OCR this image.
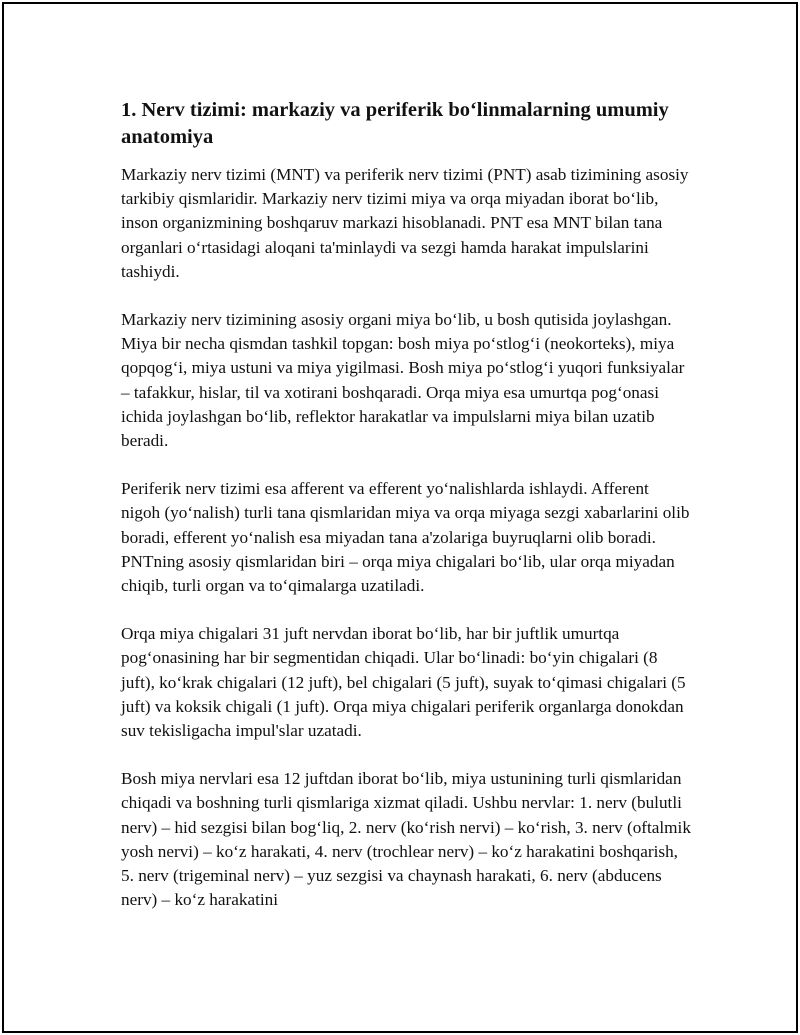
1. Nerv tizimi: markaziy va periferik bo‘linmalarning umumiy anatomiya

Markaziy nerv tizimi (MNT) va periferik nerv tizimi (PNT) asab tizimining asosiy tarkibiy qismlaridir. Markaziy nerv tizimi miya va orqa miyadan iborat bo‘lib, inson organizmining boshqaruv markazi hisoblanadi. PNT esa MNT bilan tana organlari o‘rtasidagi aloqani ta'minlaydi va sezgi hamda harakat impulslarini tashiydi.

Markaziy nerv tizimining asosiy organi miya bo‘lib, u bosh qutisida joylashgan. Miya bir necha qismdan tashkil topgan: bosh miya po‘stlog‘i (neokorteks), miya qopqog‘i, miya ustuni va miya yigilmasi. Bosh miya po‘stlog‘i yuqori funksiyalar – tafakkur, hislar, til va xotirani boshqaradi. Orqa miya esa umurtqa pog‘onasi ichida joylashgan bo‘lib, reflektor harakatlar va impulslarni miya bilan uzatib beradi.

Periferik nerv tizimi esa afferent va efferent yo‘nalishlarda ishlaydi. Afferent nigoh (yo‘nalish) turli tana qismlaridan miya va orqa miyaga sezgi xabarlarini olib boradi, efferent yo‘nalish esa miyadan tana a'zolariga buyruqlarni olib boradi. PNTning asosiy qismlaridan biri – orqa miya chigalari bo‘lib, ular orqa miyadan chiqib, turli organ va to‘qimalarga uzatiladi.

Orqa miya chigalari 31 juft nervdan iborat bo‘lib, har bir juftlik umurtqa pog‘onasining har bir segmentidan chiqadi. Ular bo‘linadi: bo‘yin chigalari (8 juft), ko‘krak chigalari (12 juft), bel chigalari (5 juft), suyak to‘qimasi chigalari (5 juft) va koksik chigali (1 juft). Orqa miya chigalari periferik organlarga donokdan suv tekisligacha impul'slar uzatadi.

Bosh miya nervlari esa 12 juftdan iborat bo‘lib, miya ustunining turli qismlaridan chiqadi va boshning turli qismlariga xizmat qiladi. Ushbu nervlar: 1. nerv (bulutli nerv) – hid sezgisi bilan bog‘liq, 2. nerv (ko‘rish nervi) – ko‘rish, 3. nerv (oftalmik yosh nervi) – ko‘z harakati, 4. nerv (trochlear nerv) – ko‘z harakatini boshqarish, 5. nerv (trigeminal nerv) – yuz sezgisi va chaynash harakati, 6. nerv (abducens nerv) – ko‘z harakatini
